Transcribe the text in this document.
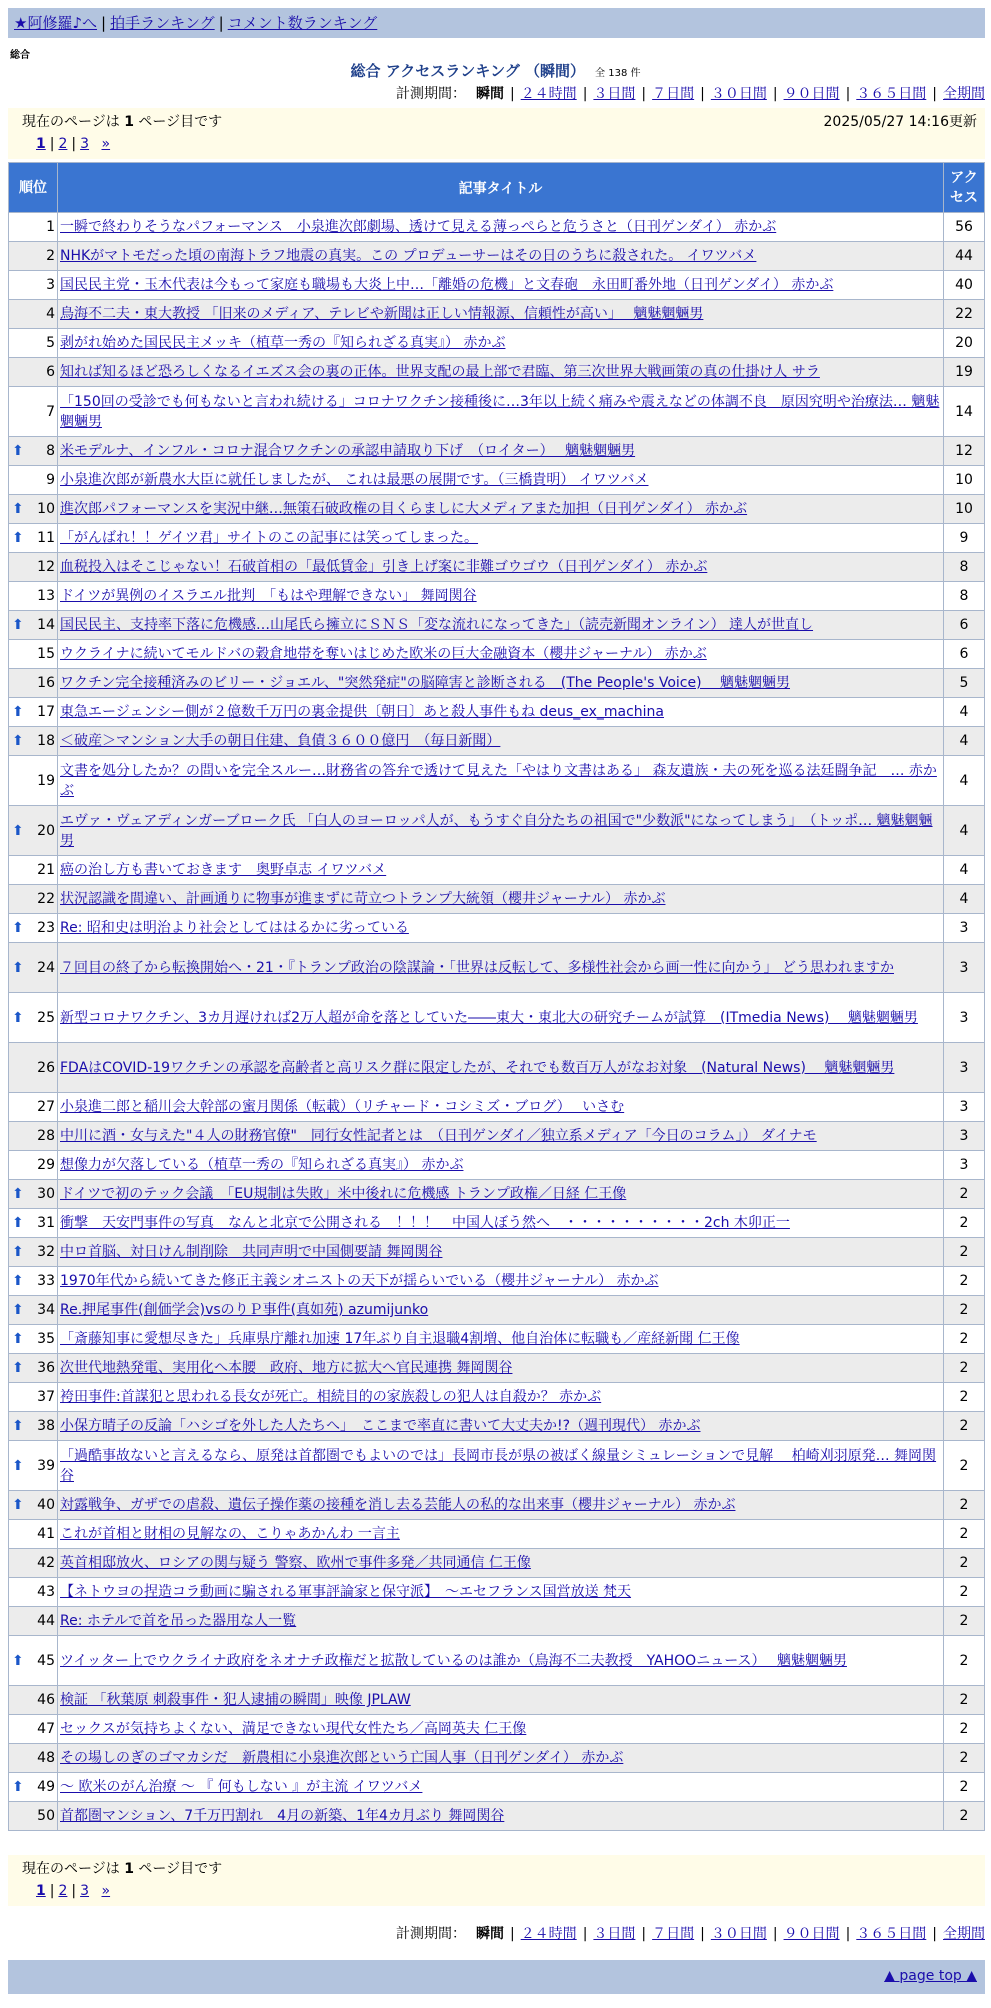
★阿修羅♪へ | 拍手ランキング | コメント数ランキング
総合
総合 アクセスランキング （瞬間） 全 138 件
計測期間： 瞬間 | ２４時間 | ３日間 | ７日間 | ３０日間 | ９０日間 | ３６５日間 | 全期間
現在のページは 1 ページ目です	2025/05/27 14:16更新
1 | 2 | 3 »
順位	記事タイトル	アクセス
1	一瞬で終わりそうなパフォーマンス　小泉進次郎劇場、透けて見える薄っぺらと危うさと（日刊ゲンダイ） 赤かぶ	56
2	NHKがマトモだった頃の南海トラフ地震の真実。この プロデューサーはその日のうちに殺された。 イワツバメ	44
3	国民民主党・玉木代表は今もって家庭も職場も大炎上中…「離婚の危機」と文春砲　永田町番外地（日刊ゲンダイ） 赤かぶ	40
4	鳥海不二夫・東大教授 「旧来のメディア、テレビや新聞は正しい情報源、信頼性が高い」　 魑魅魍魎男	22
5	剥がれ始めた国民民主メッキ（植草一秀の『知られざる真実』） 赤かぶ	20
6	知れば知るほど恐ろしくなるイエズス会の裏の正体。世界支配の最上部で君臨、第三次世界大戦画策の真の仕掛け人 サラ	19
7	「150回の受診でも何もないと言われ続ける」コロナワクチン接種後に…3年以上続く痛みや震えなどの体調不良　原因究明や治療法… 魑魅魍魎男	14

⬆ 8	米モデルナ、インフル・コロナ混合ワクチンの承認申請取り下げ　（ロイター）　 魑魅魍魎男	12
9	小泉進次郎が新農水大臣に就任しましたが、 これは最悪の展開です。（三橋貴明） イワツバメ	10

⬆ 10	進次郎パフォーマンスを実況中継…無策石破政権の目くらましに大メディアまた加担（日刊ゲンダイ） 赤かぶ	10

⬆ 11	「がんばれ！！ゲイツ君」サイトのこの記事には笑ってしまった。	9
12	血税投入はそこじゃない！石破首相の「最低賃金」引き上げ案に非難ゴウゴウ（日刊ゲンダイ） 赤かぶ	8
13	ドイツが異例のイスラエル批判　「もはや理解できない」 舞岡関谷	8

⬆ 14	国民民主、支持率下落に危機感…山尾氏ら擁立にＳＮＳ「変な流れになってきた」（読売新聞オンライン） 達人が世直し	6
15	ウクライナに続いてモルドバの穀倉地帯を奪いはじめた欧米の巨大金融資本（櫻井ジャーナル） 赤かぶ	6
16	ワクチン完全接種済みのビリー・ジョエル、"突然発症"の脳障害と診断される　(The People's Voice)　 魑魅魍魎男	5

⬆ 17	東急エージェンシー側が２億数千万円の裏金提供〔朝日〕あと殺人事件もね deus_ex_machina	4

⬆ 18	＜破産＞マンション大手の朝日住建、負債３６００億円　（毎日新聞）	4
19	文書を処分したか？の問いを完全スルー…財務省の答弁で透けて見えた「やはり文書はある」 森友遺族・夫の死を巡る法廷闘争記　… 赤かぶ	4

⬆ 20	エヴァ・ヴェアディンガーブローク氏 「白人のヨーロッパ人が、もうすぐ自分たちの祖国で"少数派"になってしまう」　（トッポ… 魑魅魍魎男	4
21	癌の治し方も書いておきます　奥野卓志 イワツバメ	4
22	状況認識を間違い、計画通りに物事が進まずに苛立つトランプ大統領（櫻井ジャーナル） 赤かぶ	4

⬆ 23	Re: 昭和史は明治より社会としてははるかに劣っている	3

⬆ 24	７回目の終了から転換開始へ・21・『トランプ政治の陰謀論・「世界は反転して、多様性社会から画一性に向かう」 どう思われますか	3

⬆ 25	新型コロナワクチン、3カ月遅ければ2万人超が命を落としていた――東大・東北大の研究チームが試算　(ITmedia News)　 魑魅魍魎男	3
26	FDAはCOVID-19ワクチンの承認を高齢者と高リスク群に限定したが、それでも数百万人がなお対象　(Natural News)　 魑魅魍魎男	3
27	小泉進二郎と稲川会大幹部の蜜月関係（転載）（リチャード・コシミズ・ブログ）　 いさむ	3
28	中川に酒・女与えた"４人の財務官僚"　同行女性記者とは　（日刊ゲンダイ／独立系メディア「今日のコラム」） ダイナモ	3
29	想像力が欠落している（植草一秀の『知られざる真実』） 赤かぶ	3

⬆ 30	ドイツで初のテック会議　「EU規制は失敗」米中後れに危機感 トランプ政権／日経 仁王像	2

⬆ 31	衝撃　天安門事件の写真　なんと北京で公開される　！！！　中国人ぼう然へ　・・・・・・・・・・2ch 木卯正一	2

⬆ 32	中ロ首脳、対日けん制削除　共同声明で中国側要請 舞岡関谷	2

⬆ 33	1970年代から続いてきた修正主義シオニストの天下が揺らいでいる（櫻井ジャーナル） 赤かぶ	2

⬆ 34	Re.押尾事件(創価学会)vsのりＰ事件(真如苑) azumijunko	2

⬆ 35	「斎藤知事に愛想尽きた」兵庫県庁離れ加速 17年ぶり自主退職4割増、他自治体に転職も／産経新聞 仁王像	2

⬆ 36	次世代地熱発電、実用化へ本腰　政府、地方に拡大へ官民連携 舞岡関谷	2
37	袴田事件:首謀犯と思われる長女が死亡。相続目的の家族殺しの犯人は自殺か？ 赤かぶ	2

⬆ 38	小保方晴子の反論「ハシゴを外した人たちへ」　ここまで率直に書いて大丈夫か!?（週刊現代） 赤かぶ	2

⬆ 39	「過酷事故ないと言えるなら、原発は首都圏でもよいのでは」長岡市長が県の被ばく線量シミュレーションで見解　 柏崎刈羽原発… 舞岡関谷	2

⬆ 40	対露戦争、ガザでの虐殺、遺伝子操作薬の接種を消し去る芸能人の私的な出来事（櫻井ジャーナル） 赤かぶ	2
41	これが首相と財相の見解なの、こりゃあかんわ 一言主	2
42	英首相邸放火、ロシアの関与疑う 警察、欧州で事件多発／共同通信 仁王像	2
43	【ネトウヨの捏造コラ動画に騙される軍事評論家と保守派】　～エセフランス国営放送 梵天	2
44	Re: ホテルで首を吊った器用な人一覧	2

⬆ 45	ツイッター上でウクライナ政府をネオナチ政権だと拡散しているのは誰か（鳥海不二夫教授　YAHOOニュース）　 魑魅魍魎男	2
46	検証 「秋葉原 刺殺事件・犯人逮捕の瞬間」映像 JPLAW	2
47	セックスが気持ちよくない、満足できない現代女性たち／高岡英夫 仁王像	2
48	その場しのぎのゴマカシだ　新農相に小泉進次郎という亡国人事（日刊ゲンダイ） 赤かぶ	2

⬆ 49	～ 欧米のがん治療 ～ 『 何もしない 』が主流 イワツバメ	2
50	首都圏マンション、7千万円割れ　4月の新築、1年4カ月ぶり 舞岡関谷	2
現在のページは 1 ページ目です
1 | 2 | 3 »
計測期間： 瞬間 | ２４時間 | ３日間 | ７日間 | ３０日間 | ９０日間 | ３６５日間 | 全期間
▲ page top ▲
